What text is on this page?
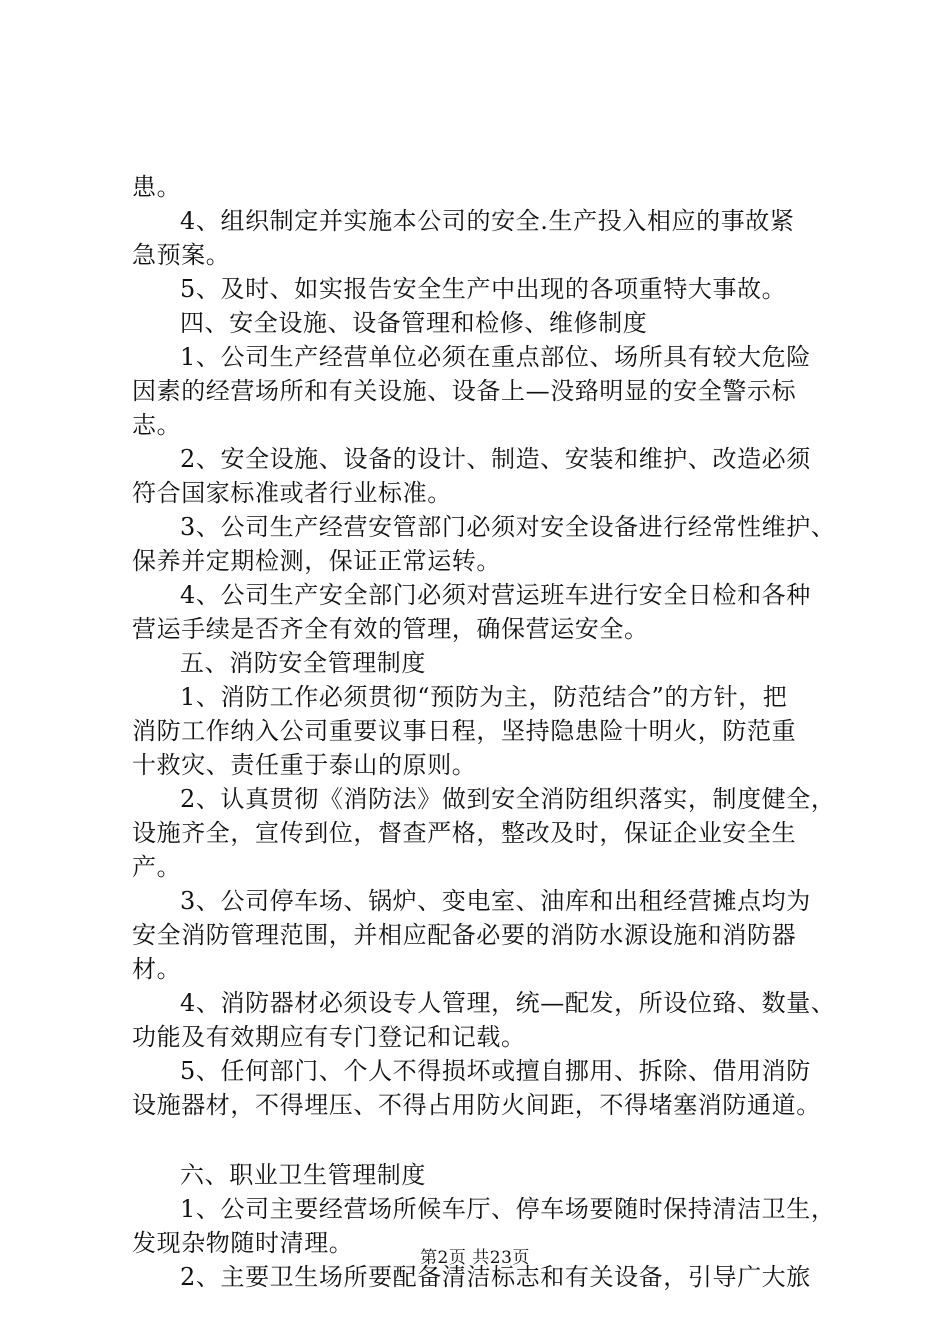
患。
4、组织制定并实施本公司的安全.生产投入相应的事故紧
急预案。
5、及时、如实报告安全生产中出现的各项重特大事故。
四、安全设施、设备管理和检修、维修制度
1、公司生产经营单位必须在重点部位、场所具有较大危险
因素的经营场所和有关设施、设备上—没臵明显的安全警示标
志。
2、安全设施、设备的设计、制造、安装和维护、改造必须
符合国家标准或者行业标准。
3、公司生产经营安管部门必须对安全设备进行经常性维护、
保养并定期检测，保证正常运转。
4、公司生产安全部门必须对营运班车进行安全日检和各种
营运手续是否齐全有效的管理，确保营运安全。
五、消防安全管理制度
1、消防工作必须贯彻“预防为主，防范结合”的方针，把
消防工作纳入公司重要议事日程，坚持隐患险十明火，防范重
十救灾、责任重于泰山的原则。
2、认真贯彻《消防法》做到安全消防组织落实，制度健全，
设施齐全，宣传到位，督查严格，整改及时，保证企业安全生
产。
3、公司停车场、锅炉、变电室、油库和出租经营摊点均为
安全消防管理范围，并相应配备必要的消防水源设施和消防器
材。
4、消防器材必须设专人管理，统—配发，所设位臵、数量、
功能及有效期应有专门登记和记载。
5、任何部门、个人不得损坏或擅自挪用、拆除、借用消防
设施器材，不得埋压、不得占用防火间距，不得堵塞消防通道。
六、职业卫生管理制度
1、公司主要经营场所候车厅、停车场要随时保持清洁卫生，
发现杂物随时清理。
2、主要卫生场所要配备清洁标志和有关设备，引导广大旅
第2页 共23页
